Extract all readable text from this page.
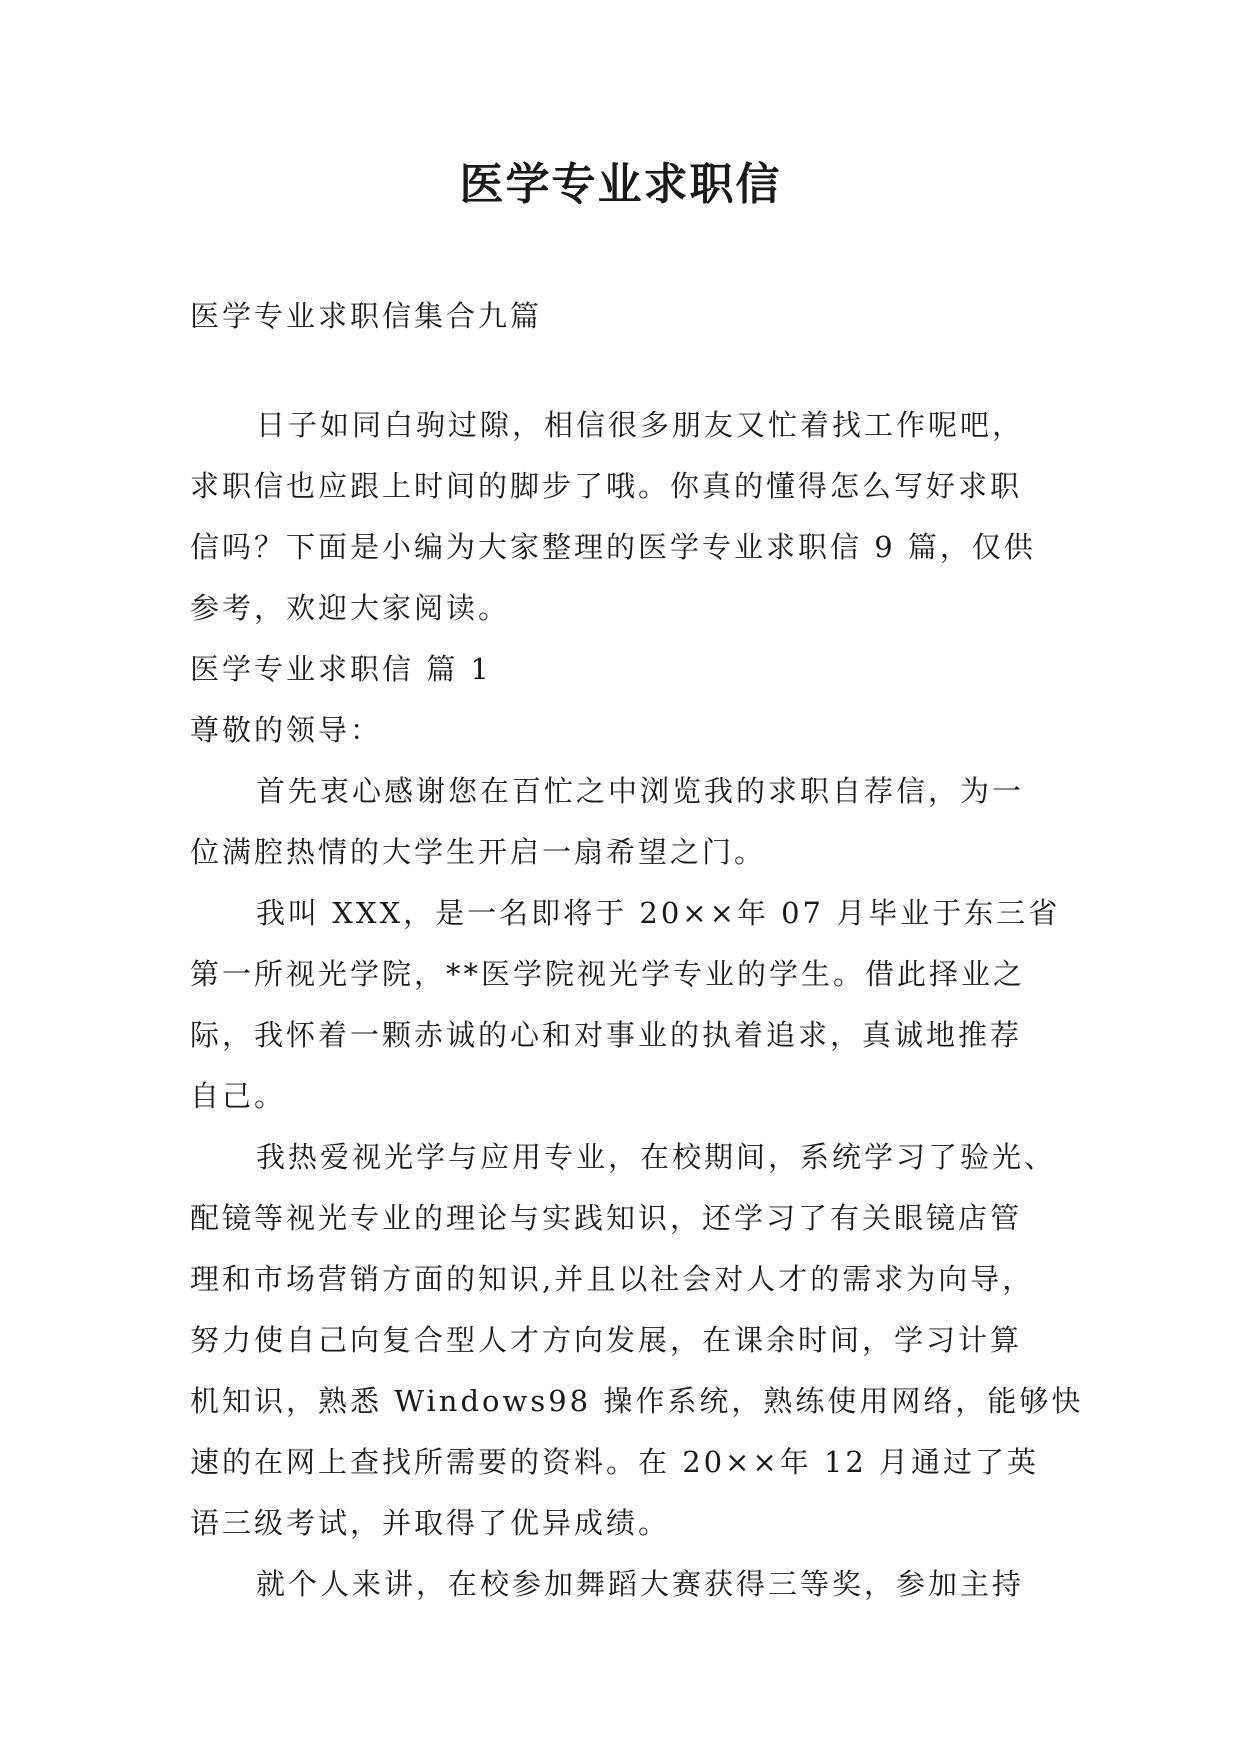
医学专业求职信
医学专业求职信集合九篇
日子如同白驹过隙，相信很多朋友又忙着找工作呢吧，
求职信也应跟上时间的脚步了哦。你真的懂得怎么写好求职
信吗？下面是小编为大家整理的医学专业求职信 9 篇，仅供
参考，欢迎大家阅读。
医学专业求职信 篇 1
尊敬的领导：
首先衷心感谢您在百忙之中浏览我的求职自荐信，为一
位满腔热情的大学生开启一扇希望之门。
我叫 XXX，是一名即将于 20××年 07 月毕业于东三省
第一所视光学院，**医学院视光学专业的学生。借此择业之
际，我怀着一颗赤诚的心和对事业的执着追求，真诚地推荐
自己。
我热爱视光学与应用专业，在校期间，系统学习了验光、
配镜等视光专业的理论与实践知识，还学习了有关眼镜店管
理和市场营销方面的知识,并且以社会对人才的需求为向导，
努力使自己向复合型人才方向发展，在课余时间，学习计算
机知识，熟悉 Windows98 操作系统，熟练使用网络，能够快
速的在网上查找所需要的资料。在 20××年 12 月通过了英
语三级考试，并取得了优异成绩。
就个人来讲，在校参加舞蹈大赛获得三等奖，参加主持
